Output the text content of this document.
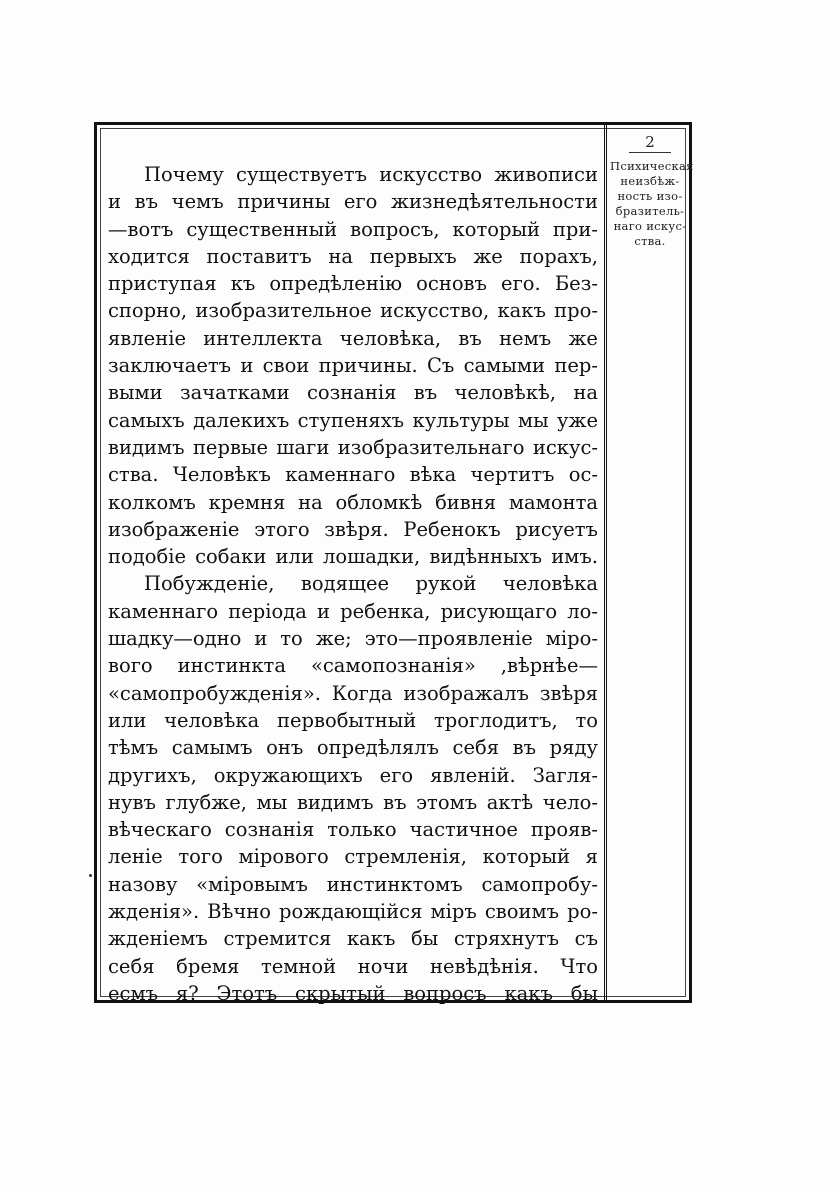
Почему существуетъ искусство живописи
и въ чемъ причины его жизнедѣятельности
—вотъ существенный вопросъ, который при-
ходится поставитъ на первыхъ же порахъ,
приступая къ опредѣленію основъ его. Без-
спорно, изобразительное искусство, какъ про-
явленіе интеллекта человѣка, въ немъ же
заключаетъ и свои причины. Съ самыми пер-
выми зачатками сознанія въ человѣкѣ, на
самыхъ далекихъ ступеняхъ культуры мы уже
видимъ первые шаги изобразительнаго искус-
ства. Человѣкъ каменнаго вѣка чертитъ ос-
колкомъ кремня на обломкѣ бивня мамонта
изображеніе этого звѣря. Ребенокъ рисуетъ
подобіе собаки или лошадки, видѣнныхъ имъ.
Побужденіе, водящее рукой человѣка
каменнаго періода и ребенка, рисующаго ло-
шадку—одно и то же; это—проявленіе міро-
вого инстинкта «самопознанія» ,вѣрнѣе—
«самопробужденія». Когда изображалъ звѣря
или человѣка первобытный троглодитъ, то
тѣмъ самымъ онъ опредѣлялъ себя въ ряду
другихъ, окружающихъ его явленій. Загля-
нувъ глубже, мы видимъ въ этомъ актѣ чело-
вѣческаго сознанія только частичное прояв-
леніе того мірового стремленія, который я
назову «міровымъ инстинктомъ самопробу-
жденія». Вѣчно рождающійся міръ своимъ ро-
жденіемъ стремится какъ бы стряхнутъ съ
себя бремя темной ночи невѣдѣнія. Что
есмъ я? Этотъ скрытый вопросъ какъ бы
2
Психическая
неизбѣж-
ность изо-
бразитель-
наго искус-
ства.
